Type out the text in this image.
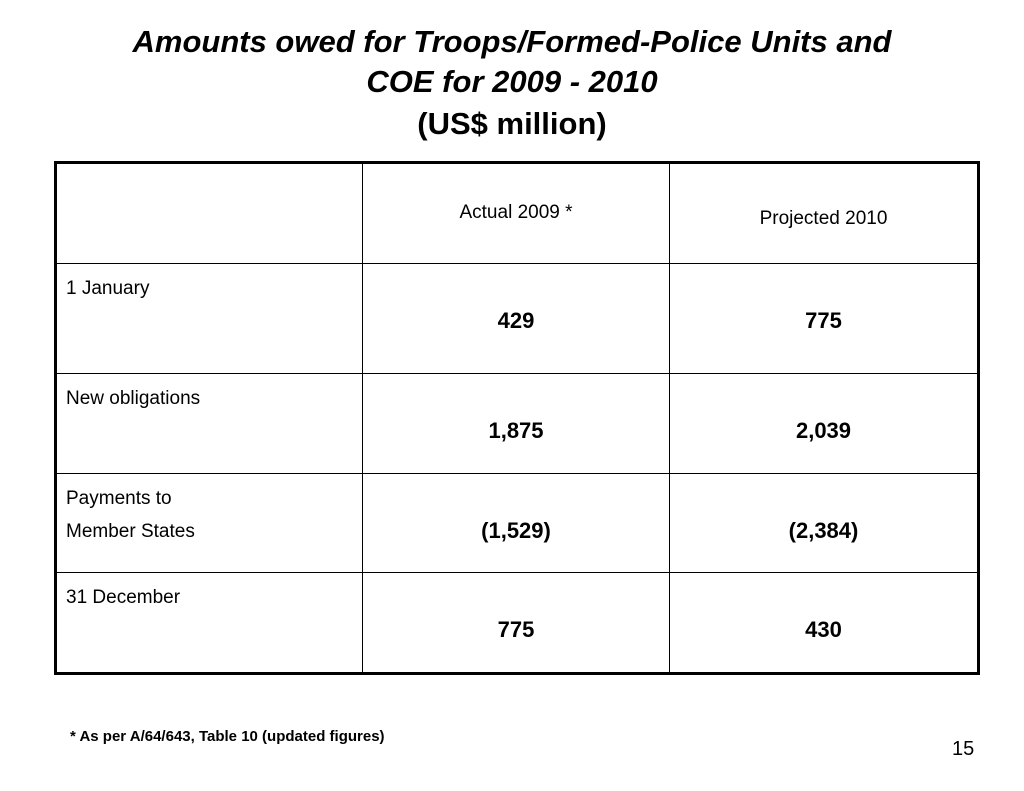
Amounts owed for Troops/Formed-Police Units and
COE for 2009 - 2010
(US$ million)

	Actual 2009 *	Projected 2010

1 January	429	775

New obligations	1,875	2,039

Payments to
Member States	(1,529)	(2,384)

31 December	775	430
* As per A/64/643, Table 10 (updated figures)
15
